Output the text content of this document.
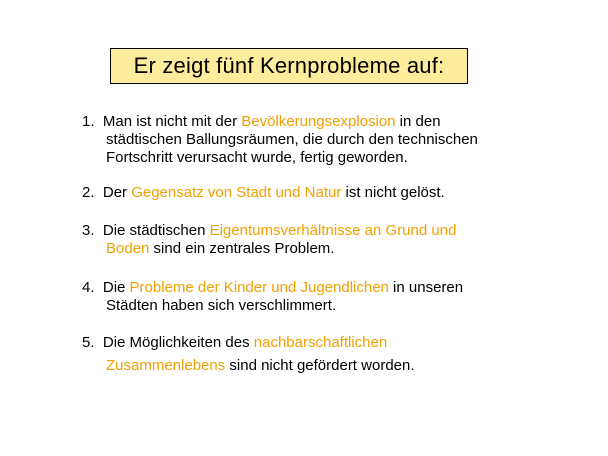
Er zeigt fünf Kernprobleme auf:
1. Man ist nicht mit der Bevölkerungsexplosion in den
städtischen Ballungsräumen, die durch den technischen
Fortschritt verursacht wurde, fertig geworden.
2. Der Gegensatz von Stadt und Natur ist nicht gelöst.
3. Die städtischen Eigentumsverhältnisse an Grund und
Boden sind ein zentrales Problem.
4. Die Probleme der Kinder und Jugendlichen in unseren
Städten haben sich verschlimmert.
5. Die Möglichkeiten des nachbarschaftlichen
Zusammenlebens sind nicht gefördert worden.
